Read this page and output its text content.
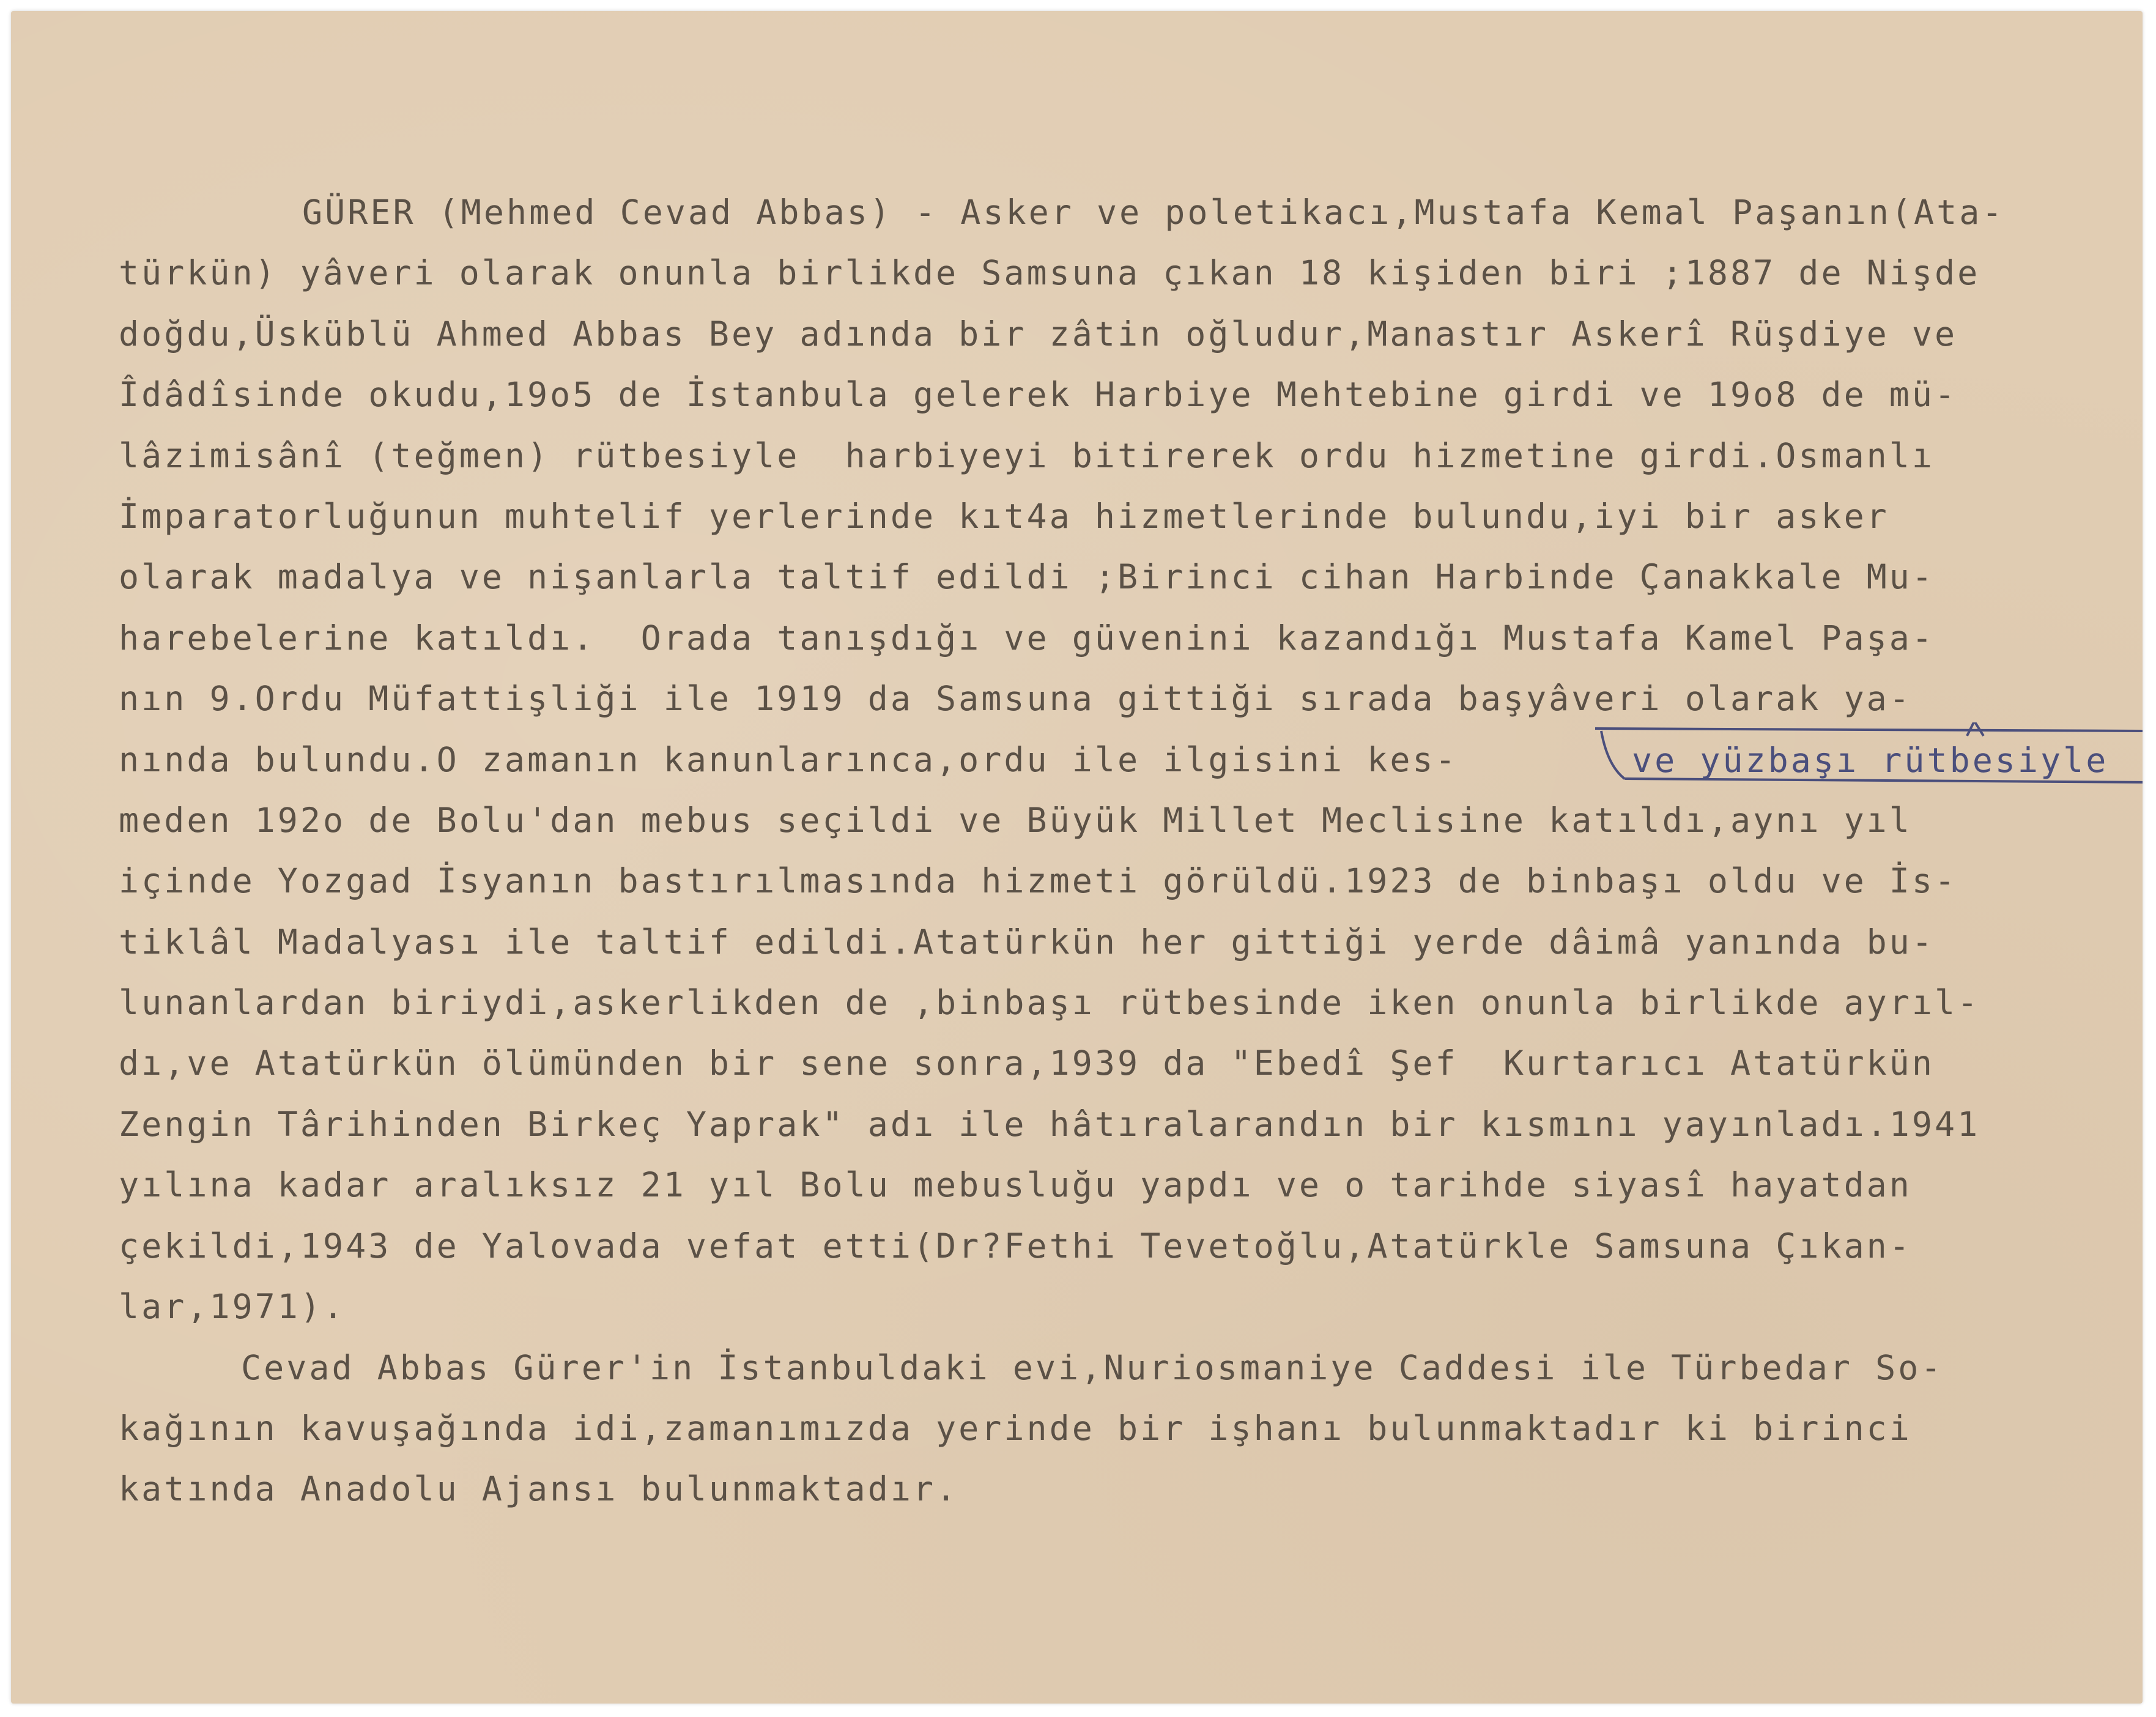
GÜRER (Mehmed Cevad Abbas) - Asker ve poletikacı,Mustafa Kemal Paşanın(Ata-
türkün) yâveri olarak onunla birlikde Samsuna çıkan 18 kişiden biri ;1887 de Nişde
doğdu,Üsküblü Ahmed Abbas Bey adında bir zâtin oğludur,Manastır Askerî Rüşdiye ve
Îdâdîsinde okudu,19o5 de İstanbula gelerek Harbiye Mehtebine girdi ve 19o8 de mü-
lâzimisânî (teğmen) rütbesiyle  harbiyeyi bitirerek ordu hizmetine girdi.Osmanlı
İmparatorluğunun muhtelif yerlerinde kıt4a hizmetlerinde bulundu,iyi bir asker
olarak madalya ve nişanlarla taltif edildi ;Birinci cihan Harbinde Çanakkale Mu-
harebelerine katıldı.  Orada tanışdığı ve güvenini kazandığı Mustafa Kamel Paşa-
nın 9.Ordu Müfattişliği ile 1919 da Samsuna gittiği sırada başyâveri olarak ya-
nında bulundu.O zamanın kanunlarınca,ordu ile ilgisini kes-
meden 192o de Bolu'dan mebus seçildi ve Büyük Millet Meclisine katıldı,aynı yıl
içinde Yozgad İsyanın bastırılmasında hizmeti görüldü.1923 de binbaşı oldu ve İs-
tiklâl Madalyası ile taltif edildi.Atatürkün her gittiği yerde dâimâ yanında bu-
lunanlardan biriydi,askerlikden de ,binbaşı rütbesinde iken onunla birlikde ayrıl-
dı,ve Atatürkün ölümünden bir sene sonra,1939 da "Ebedî Şef  Kurtarıcı Atatürkün
Zengin Târihinden Birkeç Yaprak" adı ile hâtıralarandın bir kısmını yayınladı.1941
yılına kadar aralıksız 21 yıl Bolu mebusluğu yapdı ve o tarihde siyasî hayatdan
çekildi,1943 de Yalovada vefat etti(Dr?Fethi Tevetoğlu,Atatürkle Samsuna Çıkan-
lar,1971).
Cevad Abbas Gürer'in İstanbuldaki evi,Nuriosmaniye Caddesi ile Türbedar So-
kağının kavuşağında idi,zamanımızda yerinde bir işhanı bulunmaktadır ki birinci
katında Anadolu Ajansı bulunmaktadır.
ve yüzbaşı rütbesiyle
